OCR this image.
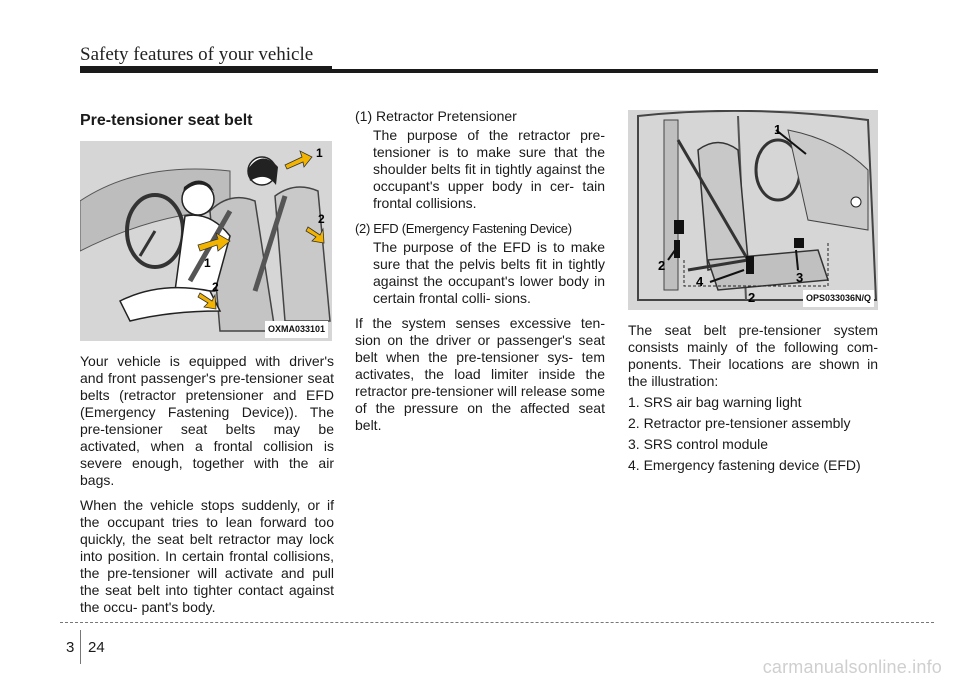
Safety features of your vehicle

Pre-tensioner seat belt

1
2
1
2
OXMA033101

Your vehicle is equipped with driver's and front passenger's pre-tensioner seat belts (retractor pretensioner and EFD (Emergency Fastening Device)). The pre-tensioner seat belts may be activated, when a frontal collision is severe enough, together with the air bags.

When the vehicle stops suddenly, or if the occupant tries to lean forward too quickly, the seat belt retractor may lock into position. In certain frontal collisions, the pre-tensioner will activate and pull the seat belt into tighter contact against the occu- pant's body.

(1) Retractor Pretensioner

The purpose of the retractor pre- tensioner is to make sure that the shoulder belts fit in tightly against the occupant's upper body in cer- tain frontal collisions.

(2) EFD (Emergency Fastening Device)

The purpose of the EFD is to make sure that the pelvis belts fit in tightly against the occupant's lower body in certain frontal colli- sions.

If the system senses excessive ten- sion on the driver or passenger's seat belt when the pre-tensioner sys- tem activates, the load limiter inside the retractor pre-tensioner will release some of the pressure on the affected seat belt.

1
2
4	3
2	OPS033036N/Q

The seat belt pre-tensioner system consists mainly of the following com- ponents. Their locations are shown in the illustration:

1. SRS air bag warning light

2. Retractor pre-tensioner assembly

3. SRS control module

4. Emergency fastening device (EFD)

3 24
carmanualsonline.info
